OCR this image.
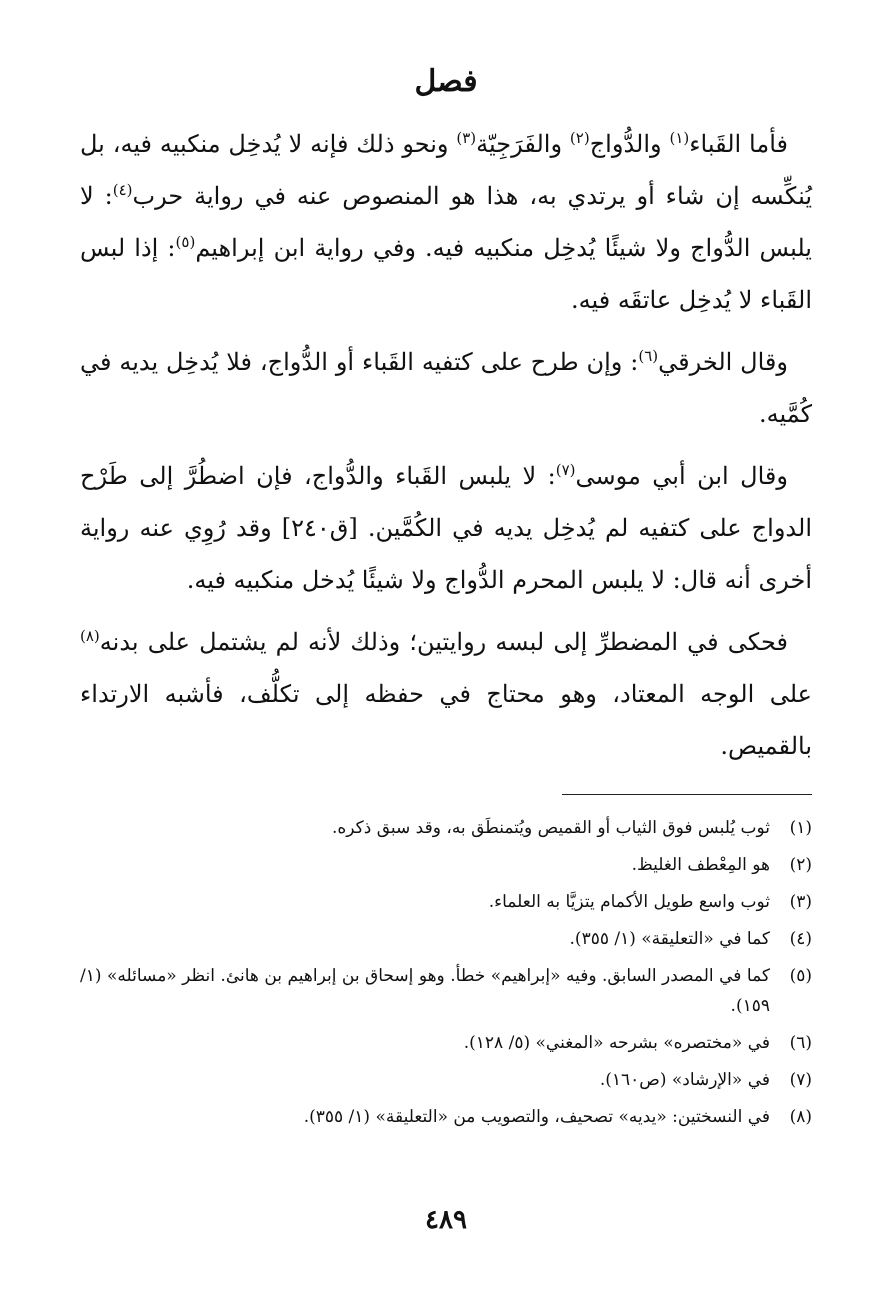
فصل

فأما القَباء$^{(١)}$ والدُّواج$^{(٢)}$ والفَرَجِيّة$^{(٣)}$ ونحو ذلك فإنه لا يُدخِل منكبيه فيه، بل يُنكِّسه إن شاء أو يرتدي به، هذا هو المنصوص عنه في رواية حرب$^{(٤)}$: لا يلبس الدُّواج ولا شيئًا يُدخِل منكبيه فيه. وفي رواية ابن إبراهيم$^{(٥)}$: إذا لبس القَباء لا يُدخِل عاتقَه فيه.

وقال الخرقي$^{(٦)}$: وإن طرح على كتفيه القَباء أو الدُّواج، فلا يُدخِل يديه في كُمَّيه.

وقال ابن أبي موسى$^{(٧)}$: لا يلبس القَباء والدُّواج، فإن اضطُرَّ إلى طَرْح الدواج على كتفيه لم يُدخِل يديه في الكُمَّين. [ق٢٤٠] وقد رُوِي عنه رواية أخرى أنه قال: لا يلبس المحرم الدُّواج ولا شيئًا يُدخل منكبيه فيه.

فحكى في المضطرِّ إلى لبسه روايتين؛ وذلك لأنه لم يشتمل على بدنه$^{(٨)}$ على الوجه المعتاد، وهو محتاج في حفظه إلى تكلُّف، فأشبه الارتداء بالقميص.

(١)
ثوب يُلبس فوق الثياب أو القميص ويُتمنطَق به، وقد سبق ذكره.
(٢)
هو المِعْطف الغليظ.
(٣)
ثوب واسع طويل الأكمام يتزيَّا به العلماء.
(٤)
كما في «التعليقة» (١/ ٣٥٥).
(٥)
كما في المصدر السابق. وفيه «إبراهيم» خطأ. وهو إسحاق بن إبراهيم بن هانئ. انظر «مسائله» (١/ ١٥٩).
(٦)
في «مختصره» بشرحه «المغني» (٥/ ١٢٨).
(٧)
في «الإرشاد» (ص١٦٠).
(٨)
في النسختين: «يديه» تصحيف، والتصويب من «التعليقة» (١/ ٣٥٥).
٤٨٩
